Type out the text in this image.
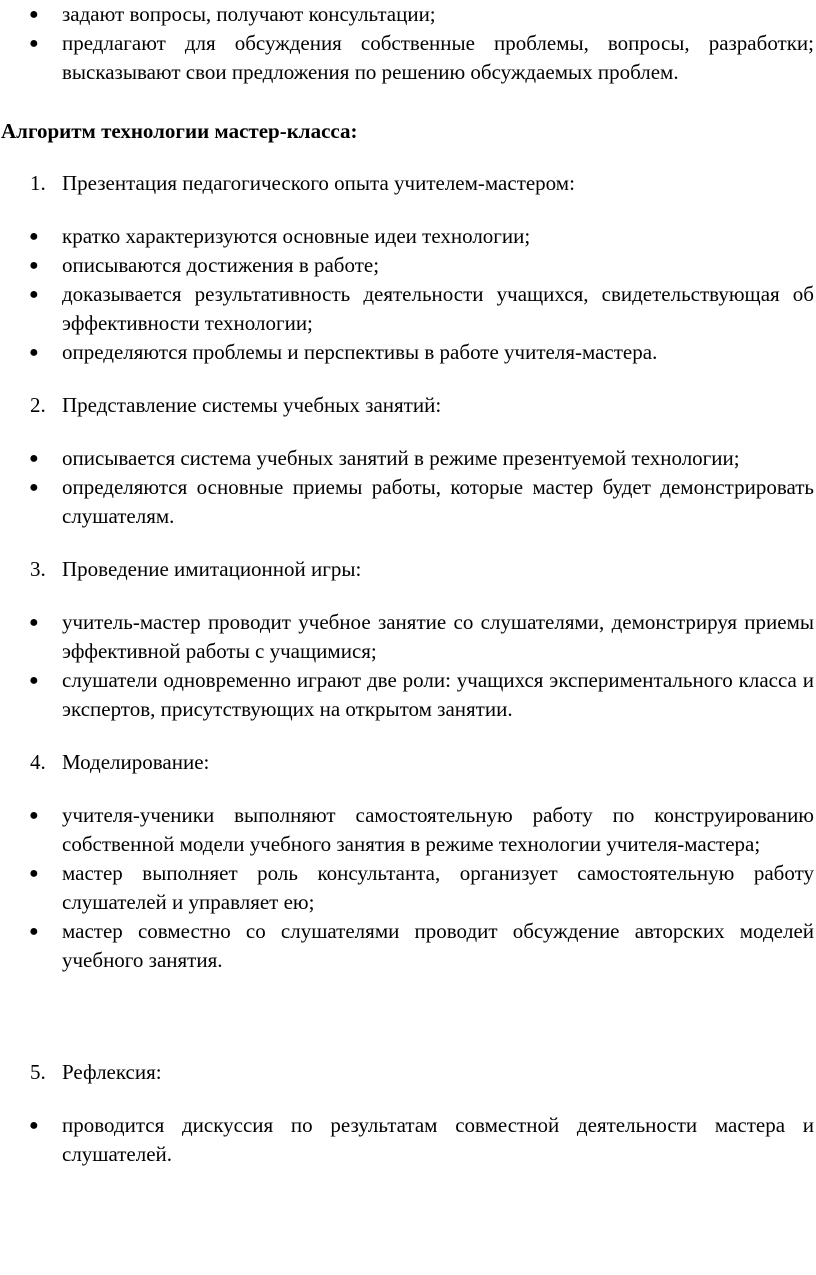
● задают вопросы, получают консультации;
● предлагают для обсуждения собственные проблемы, вопросы, разработки; высказывают свои предложения по решению обсуждаемых проблем.

Алгоритм технологии мастер-класса:

1. Презентация педагогического опыта учителем-мастером:
● кратко характеризуются основные идеи технологии;
● описываются достижения в работе;
● доказывается результативность деятельности учащихся, свидетельствующая об эффективности технологии;
● определяются проблемы и перспективы в работе учителя-мастера.
2. Представление системы учебных занятий:
● описывается система учебных занятий в режиме презентуемой технологии;
● определяются основные приемы работы, которые мастер будет демонстрировать слушателям.
3. Проведение имитационной игры:
● учитель-мастер проводит учебное занятие со слушателями, демонстрируя приемы эффективной работы с учащимися;
● слушатели одновременно играют две роли: учащихся экспериментального класса и экспертов, присутствующих на открытом занятии.
4. Моделирование:
● учителя-ученики выполняют самостоятельную работу по конструированию собственной модели учебного занятия в режиме технологии учителя-мастера;
● мастер выполняет роль консультанта, организует самостоятельную работу слушателей и управляет ею;
● мастер совместно со слушателями проводит обсуждение авторских моделей учебного занятия.
5. Рефлексия:
● проводится дискуссия по результатам совместной деятельности мастера и слушателей.
